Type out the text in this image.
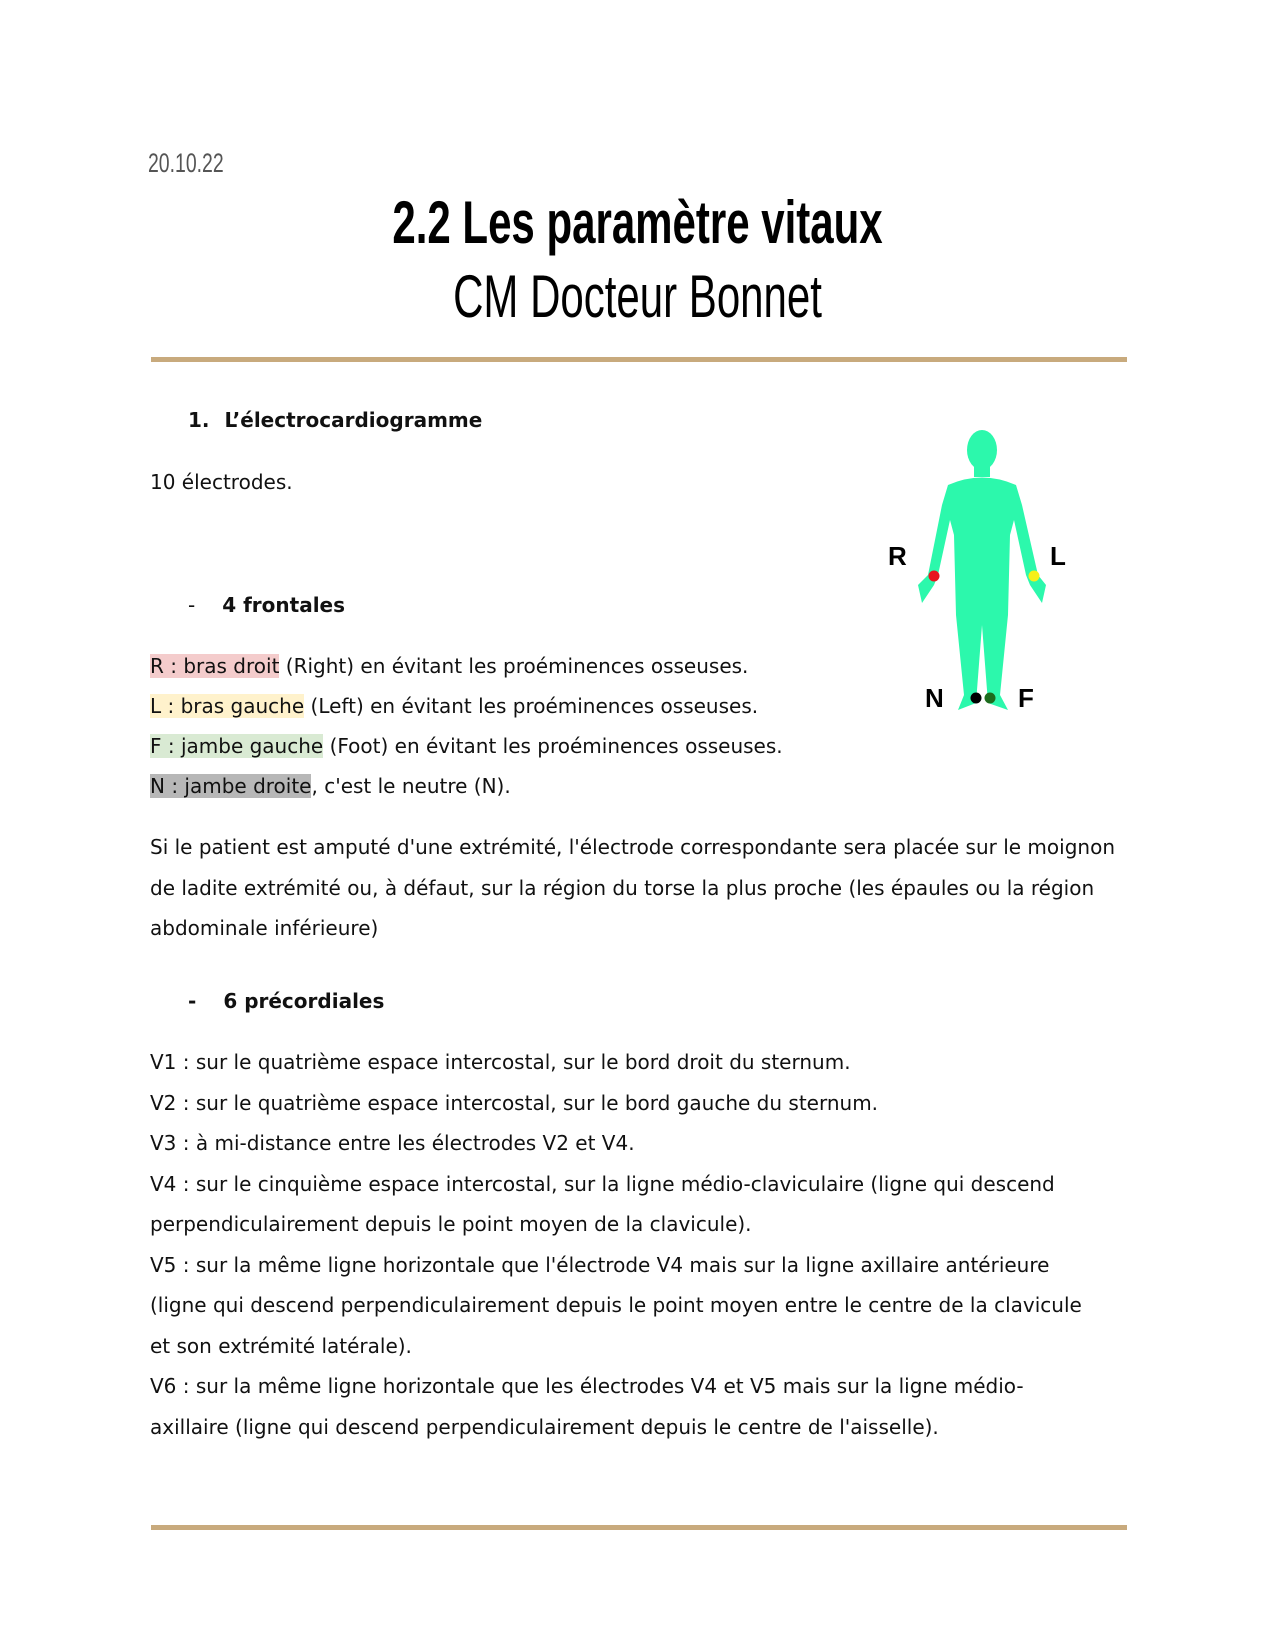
20.10.22
2.2 Les paramètre vitaux
CM Docteur Bonnet
1. L’électrocardiogramme
10 électrodes.
- 4 frontales
R : bras droit (Right) en évitant les proéminences osseuses.
L : bras gauche (Left) en évitant les proéminences osseuses.
F : jambe gauche (Foot) en évitant les proéminences osseuses.
N : jambe droite, c'est le neutre (N).
Si le patient est amputé d'une extrémité, l'électrode correspondante sera placée sur le moignon de ladite extrémité ou, à défaut, sur la région du torse la plus proche (les épaules ou la région abdominale inférieure)
- 6 précordiales
V1 : sur le quatrième espace intercostal, sur le bord droit du sternum.
V2 : sur le quatrième espace intercostal, sur le bord gauche du sternum.
V3 : à mi-distance entre les électrodes V2 et V4.
V4 : sur le cinquième espace intercostal, sur la ligne médio-claviculaire (ligne qui descend perpendiculairement depuis le point moyen de la clavicule).
V5 : sur la même ligne horizontale que l'électrode V4 mais sur la ligne axillaire antérieure (ligne qui descend perpendiculairement depuis le point moyen entre le centre de la clavicule et son extrémité latérale).
V6 : sur la même ligne horizontale que les électrodes V4 et V5 mais sur la ligne médio-axillaire (ligne qui descend perpendiculairement depuis le centre de l'aisselle).
R	L
N	F
